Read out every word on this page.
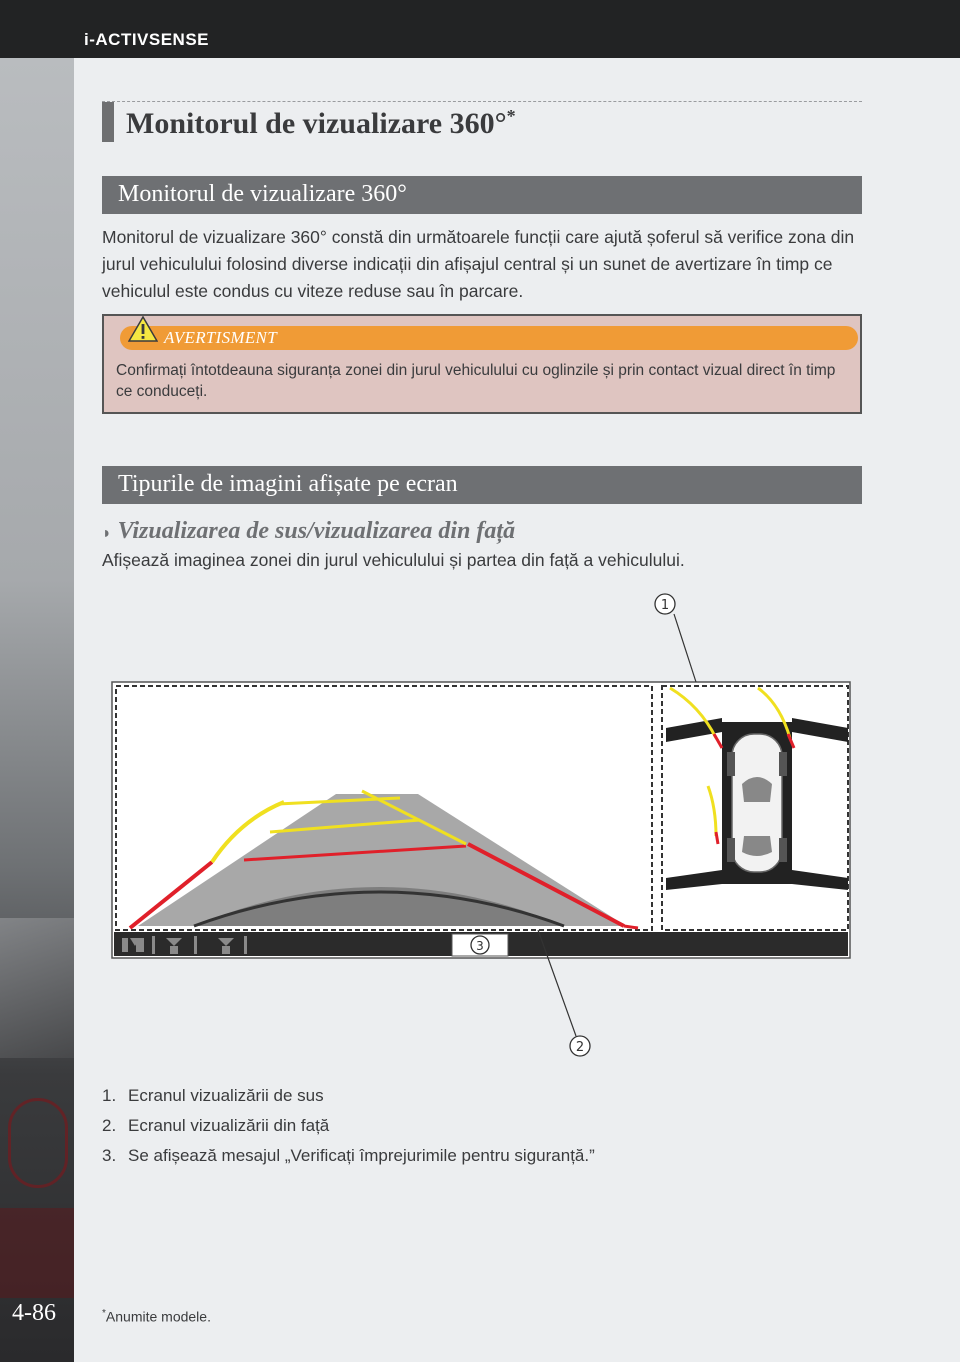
i-ACTIVSENSE
4-86
Monitorul de vizualizare 360°*
Monitorul de vizualizare 360°

Monitorul de vizualizare 360° constă din următoarele funcții care ajută șoferul să verifice zona din jurul vehiculului folosind diverse indicații din afișajul central și un sunet de avertizare în timp ce vehiculul este condus cu viteze reduse sau în parcare.

AVERTISMENT

Confirmați întotdeauna siguranța zonei din jurul vehiculului cu oglinzile și prin contact vizual direct în timp ce conduceți.

Tipurile de imagini afișate pe ecran
◗ Vizualizarea de sus/vizualizarea din față

Afișează imaginea zonei din jurul vehiculului și partea din față a vehiculului.

1
3
2
1. Ecranul vizualizării de sus
2. Ecranul vizualizării din față
3. Se afișează mesajul „Verificați împrejurimile pentru siguranță.”
*Anumite modele.
